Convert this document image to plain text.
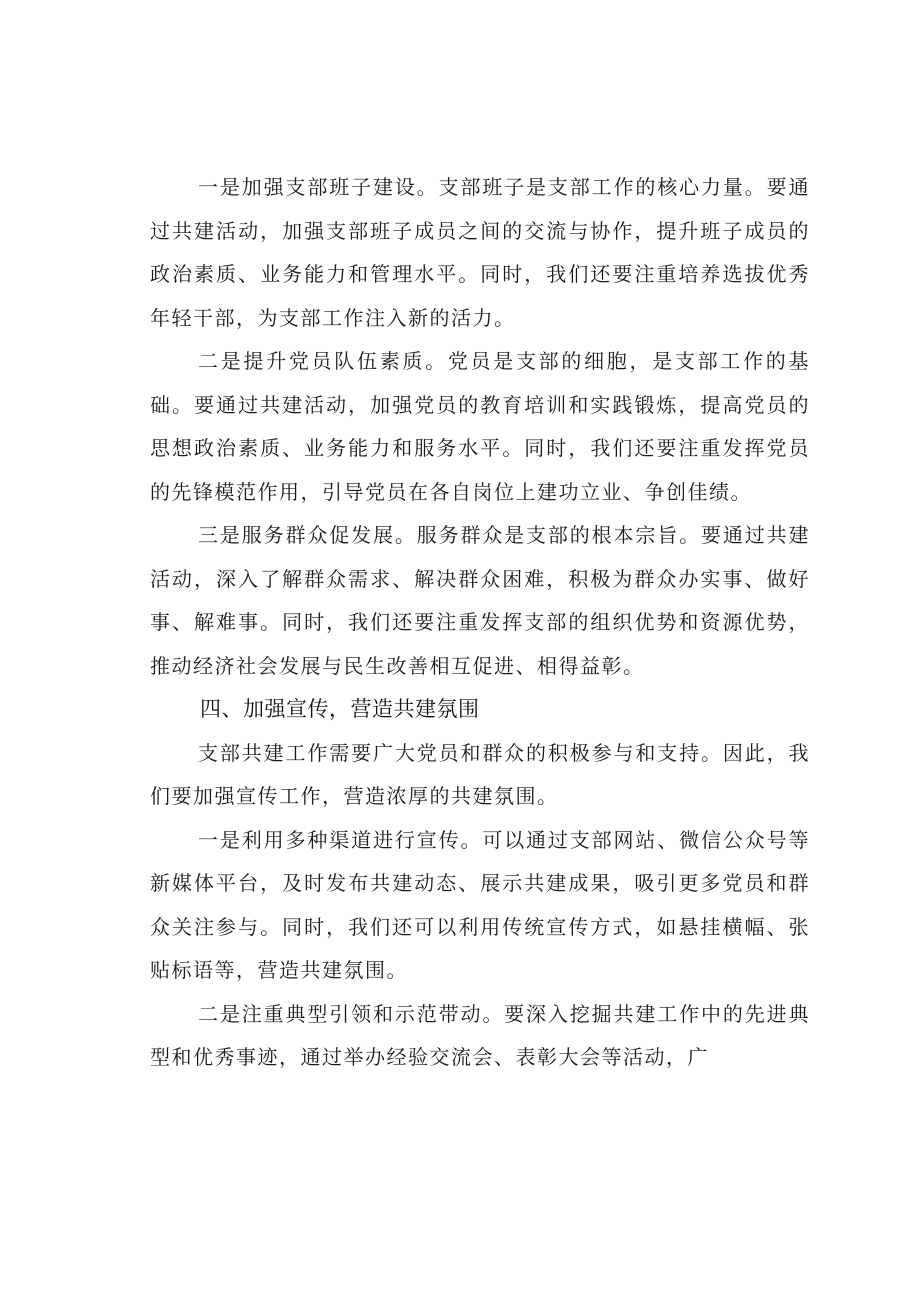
一是加强支部班子建设。支部班子是支部工作的核心力量。要通过共建活动，加强支部班子成员之间的交流与协作，提升班子成员的政治素质、业务能力和管理水平。同时，我们还要注重培养选拔优秀年轻干部，为支部工作注入新的活力。

二是提升党员队伍素质。党员是支部的细胞，是支部工作的基础。要通过共建活动，加强党员的教育培训和实践锻炼，提高党员的思想政治素质、业务能力和服务水平。同时，我们还要注重发挥党员的先锋模范作用，引导党员在各自岗位上建功立业、争创佳绩。

三是服务群众促发展。服务群众是支部的根本宗旨。要通过共建活动，深入了解群众需求、解决群众困难，积极为群众办实事、做好事、解难事。同时，我们还要注重发挥支部的组织优势和资源优势，推动经济社会发展与民生改善相互促进、相得益彰。

四、加强宣传，营造共建氛围

支部共建工作需要广大党员和群众的积极参与和支持。因此，我们要加强宣传工作，营造浓厚的共建氛围。

一是利用多种渠道进行宣传。可以通过支部网站、微信公众号等新媒体平台，及时发布共建动态、展示共建成果，吸引更多党员和群众关注参与。同时，我们还可以利用传统宣传方式，如悬挂横幅、张贴标语等，营造共建氛围。

二是注重典型引领和示范带动。要深入挖掘共建工作中的先进典型和优秀事迹，通过举办经验交流会、表彰大会等活动，广
